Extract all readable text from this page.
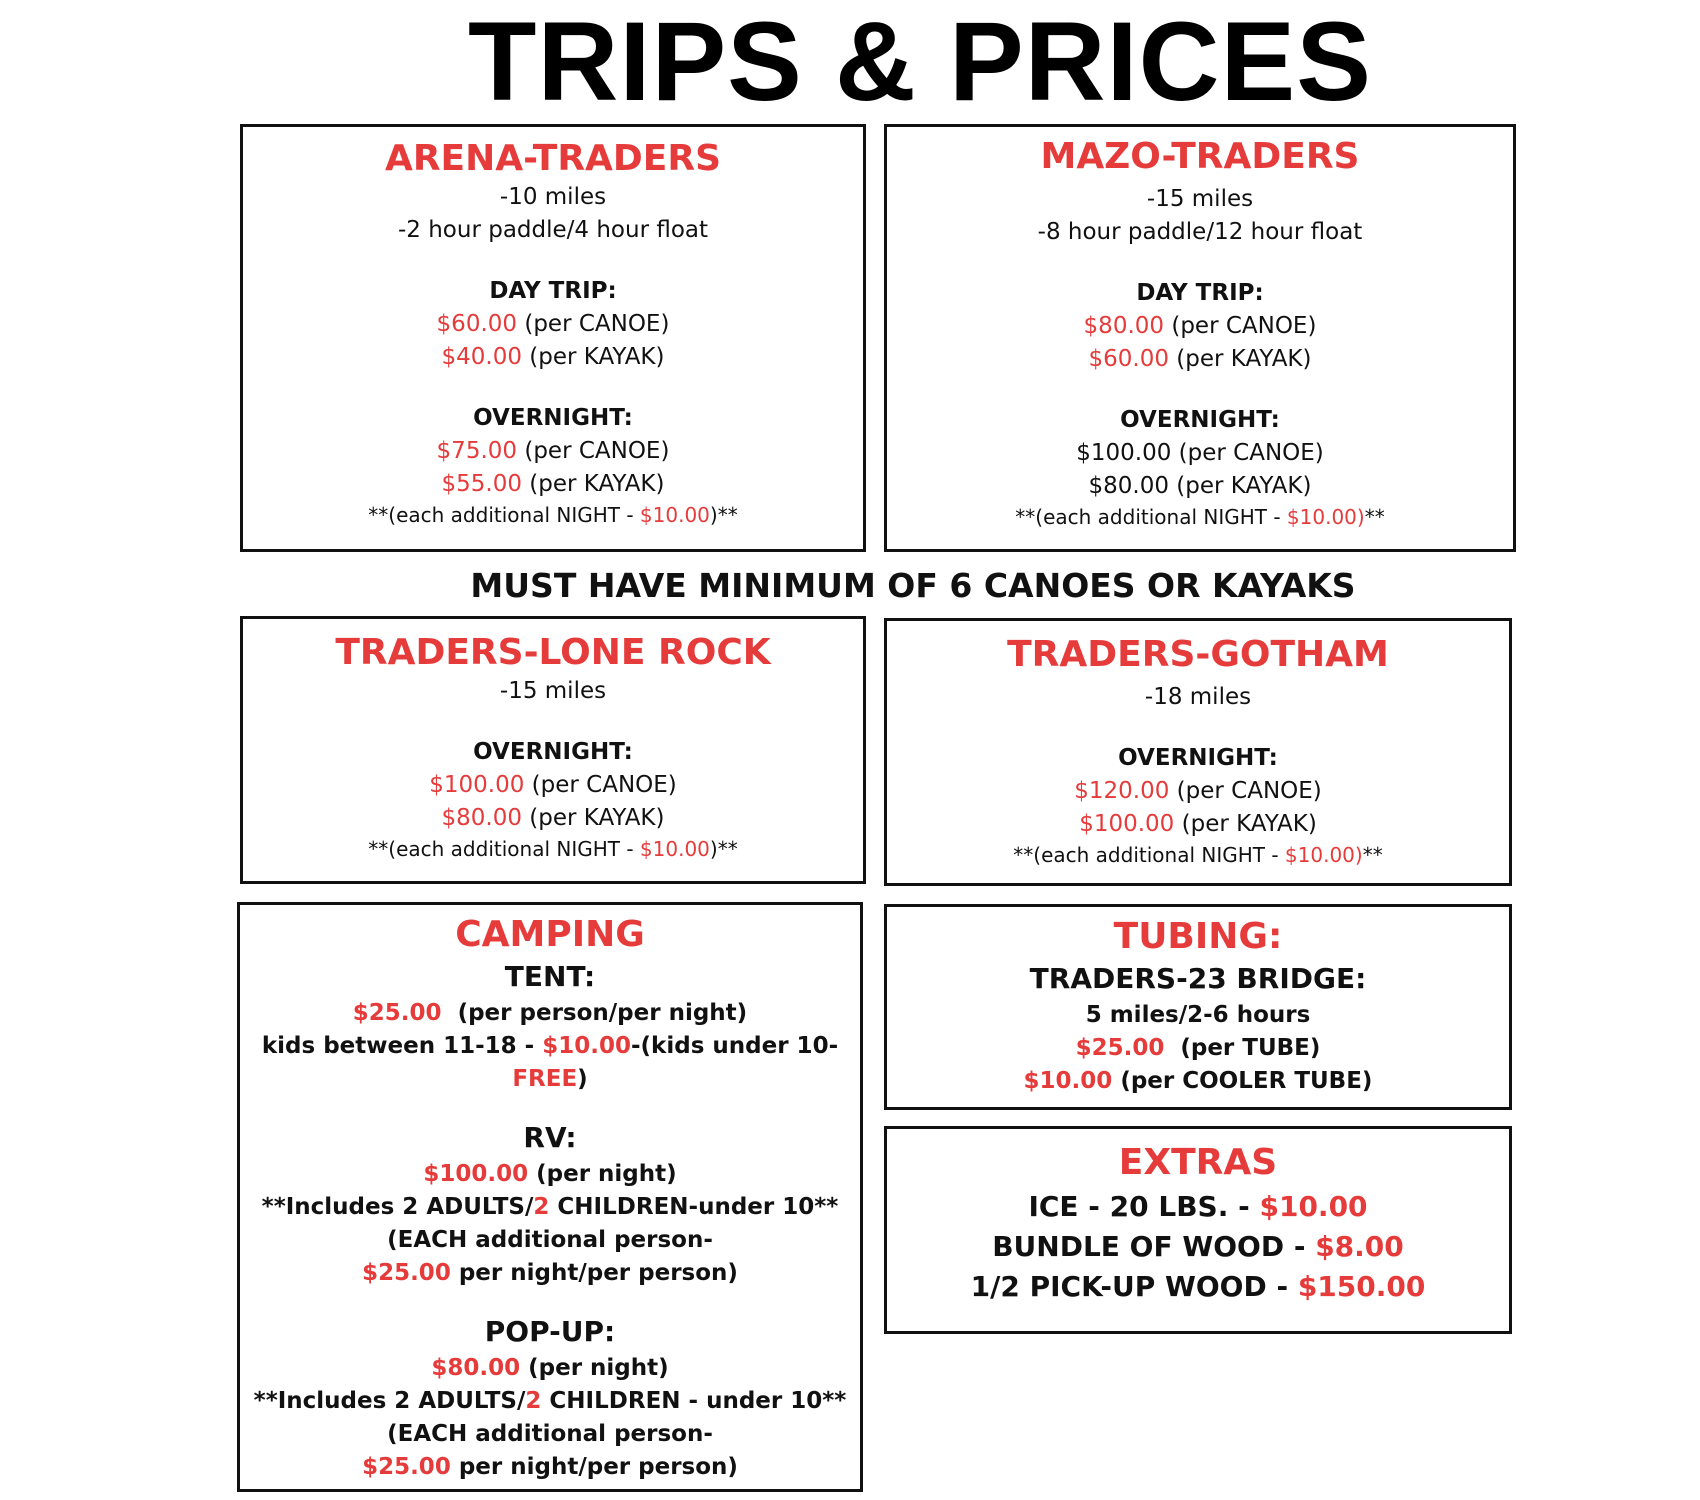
TRIPS & PRICES

ARENA-TRADERS

-10 miles

-2 hour paddle/4 hour float

DAY TRIP:

$60.00 (per CANOE)

$40.00 (per KAYAK)

OVERNIGHT:

$75.00 (per CANOE)

$55.00 (per KAYAK)

**(each additional NIGHT - $10.00)**

MAZO-TRADERS

-15 miles

-8 hour paddle/12 hour float

DAY TRIP:

$80.00 (per CANOE)

$60.00 (per KAYAK)

OVERNIGHT:

$100.00 (per CANOE)

$80.00 (per KAYAK)

**(each additional NIGHT - $10.00)**

MUST HAVE MINIMUM OF 6 CANOES OR KAYAKS

TRADERS-LONE ROCK

-15 miles

OVERNIGHT:

$100.00 (per CANOE)

$80.00 (per KAYAK)

**(each additional NIGHT - $10.00)**

TRADERS-GOTHAM

-18 miles

OVERNIGHT:

$120.00 (per CANOE)

$100.00 (per KAYAK)

**(each additional NIGHT - $10.00)**

CAMPING

TENT:

$25.00  (per person/per night)

kids between 11-18 - $10.00-(kids under 10-FREE)

RV:

$100.00 (per night)

**Includes 2 ADULTS/2 CHILDREN-under 10**

(EACH additional person-

$25.00 per night/per person)

POP-UP:

$80.00 (per night)

**Includes 2 ADULTS/2 CHILDREN - under 10**

(EACH additional person-

$25.00 per night/per person)

TUBING:

TRADERS-23 BRIDGE:

5 miles/2-6 hours

$25.00  (per TUBE)

$10.00 (per COOLER TUBE)

EXTRAS

ICE - 20 LBS. - $10.00

BUNDLE OF WOOD - $8.00

1/2 PICK-UP WOOD - $150.00
